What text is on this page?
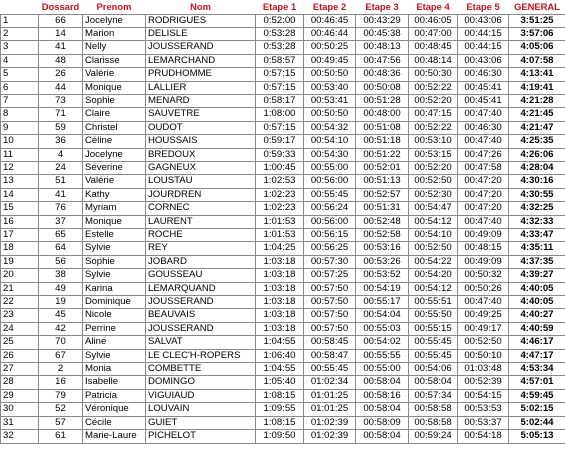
	Dossard	Prenom	Nom	Etape 1	Etape 2	Etape 3	Etape 4	Etape 5	GENERAL
1	66	Jocelyne	RODRIGUES	0:52:00	00:46:45	00:43:29	00:46:05	00:43:06	3:51:25
2	14	Marion	DELISLE	0:53:28	00:46:44	00:45:38	00:47:00	00:44:15	3:57:06
3	41	Nelly	JOUSSERAND	0:53:28	00:50:25	00:48:13	00:48:45	00:44:15	4:05:06
4	48	Clarisse	LEMARCHAND	0:58:57	00:49:45	00:47:56	00:48:14	00:43:06	4:07:58
5	26	Valérie	PRUDHOMME	0:57:15	00:50:50	00:48:36	00:50:30	00:46:30	4:13:41
6	44	Monique	LALLIER	0:57:15	00:53:40	00:50:08	00:52:22	00:45:41	4:19:41
7	73	Sophie	MENARD	0:58:17	00:53:41	00:51:28	00:52:20	00:45:41	4:21:28
8	71	Claire	SAUVETRE	1:08:00	00:50:50	00:48:00	00:47:15	00:47:40	4:21:45
9	59	Christel	OUDOT	0:57:15	00:54:32	00:51:08	00:52:22	00:46:30	4:21:47
10	36	Céline	HOUSSAIS	0:59:17	00:54:10	00:51:18	00:53:10	00:47:40	4:25:35
11	4	Jocelyne	BREDOUX	0:59:33	00:54:30	00:51:22	00:53:15	00:47:26	4:26:06
12	24	Séverine	GAGNEUX	1:00:45	00:55:00	00:52:01	00:52:20	00:47:58	4:28:04
13	51	Valérie	LOUSTAU	1:02:53	00:56:00	00:51:13	00:52:50	00:47:20	4:30:16
14	41	Kathy	JOURDREN	1:02:23	00:55:45	00:52:57	00:52:30	00:47:20	4:30:55
15	76	Myriam	CORNEC	1:02:23	00:56:24	00:51:31	00:54:47	00:47:20	4:32:25
16	37	Monique	LAURENT	1:01:53	00:56:00	00:52:48	00:54:12	00:47:40	4:32:33
17	65	Estelle	ROCHE	1:01:53	00:56:15	00:52:58	00:54:10	00:49:09	4:33:47
18	64	Sylvie	REY	1:04:25	00:56:25	00:53:16	00:52:50	00:48:15	4:35:11
19	56	Sophie	JOBARD	1:03:18	00:57:30	00:53:26	00:54:22	00:49:09	4:37:35
20	38	Sylvie	GOUSSEAU	1:03:18	00:57:25	00:53:52	00:54:20	00:50:32	4:39:27
21	49	Karina	LEMARQUAND	1:03:18	00:57:50	00:54:19	00:54:12	00:50:26	4:40:05
22	19	Dominique	JOUSSERAND	1:03:18	00:57:50	00:55:17	00:55:51	00:47:40	4:40:05
23	45	Nicole	BEAUVAIS	1:03:18	00:57:50	00:54:04	00:55:50	00:49:25	4:40:27
24	42	Perrine	JOUSSERAND	1:03:18	00:57:50	00:55:03	00:55:15	00:49:17	4:40:59
25	70	Aline	SALVAT	1:04:55	00:58:45	00:54:02	00:55:45	00:52:50	4:46:17
26	67	Sylvie	LE CLEC'H-ROPERS	1:06:40	00:58:47	00:55:55	00:55:45	00:50:10	4:47:17
27	2	Monia	COMBETTE	1:04:55	00:55:45	00:55:00	00:54:06	01:03:48	4:53:34
28	16	Isabelle	DOMINGO	1:05:40	01:02:34	00:58:04	00:58:04	00:52:39	4:57:01
29	79	Patricia	VIGUIAUD	1:08:15	01:01:25	00:58:16	00:57:34	00:54:15	4:59:45
30	52	Véronique	LOUVAIN	1:09:55	01:01:25	00:58:04	00:58:58	00:53:53	5:02:15
31	57	Cécile	GUIET	1:08:15	01:02:39	00:58:09	00:58:58	00:53:37	5:02:44
32	61	Marie-Laure	PICHELOT	1:09:50	01:02:39	00:58:04	00:59:24	00:54:18	5:05:13
